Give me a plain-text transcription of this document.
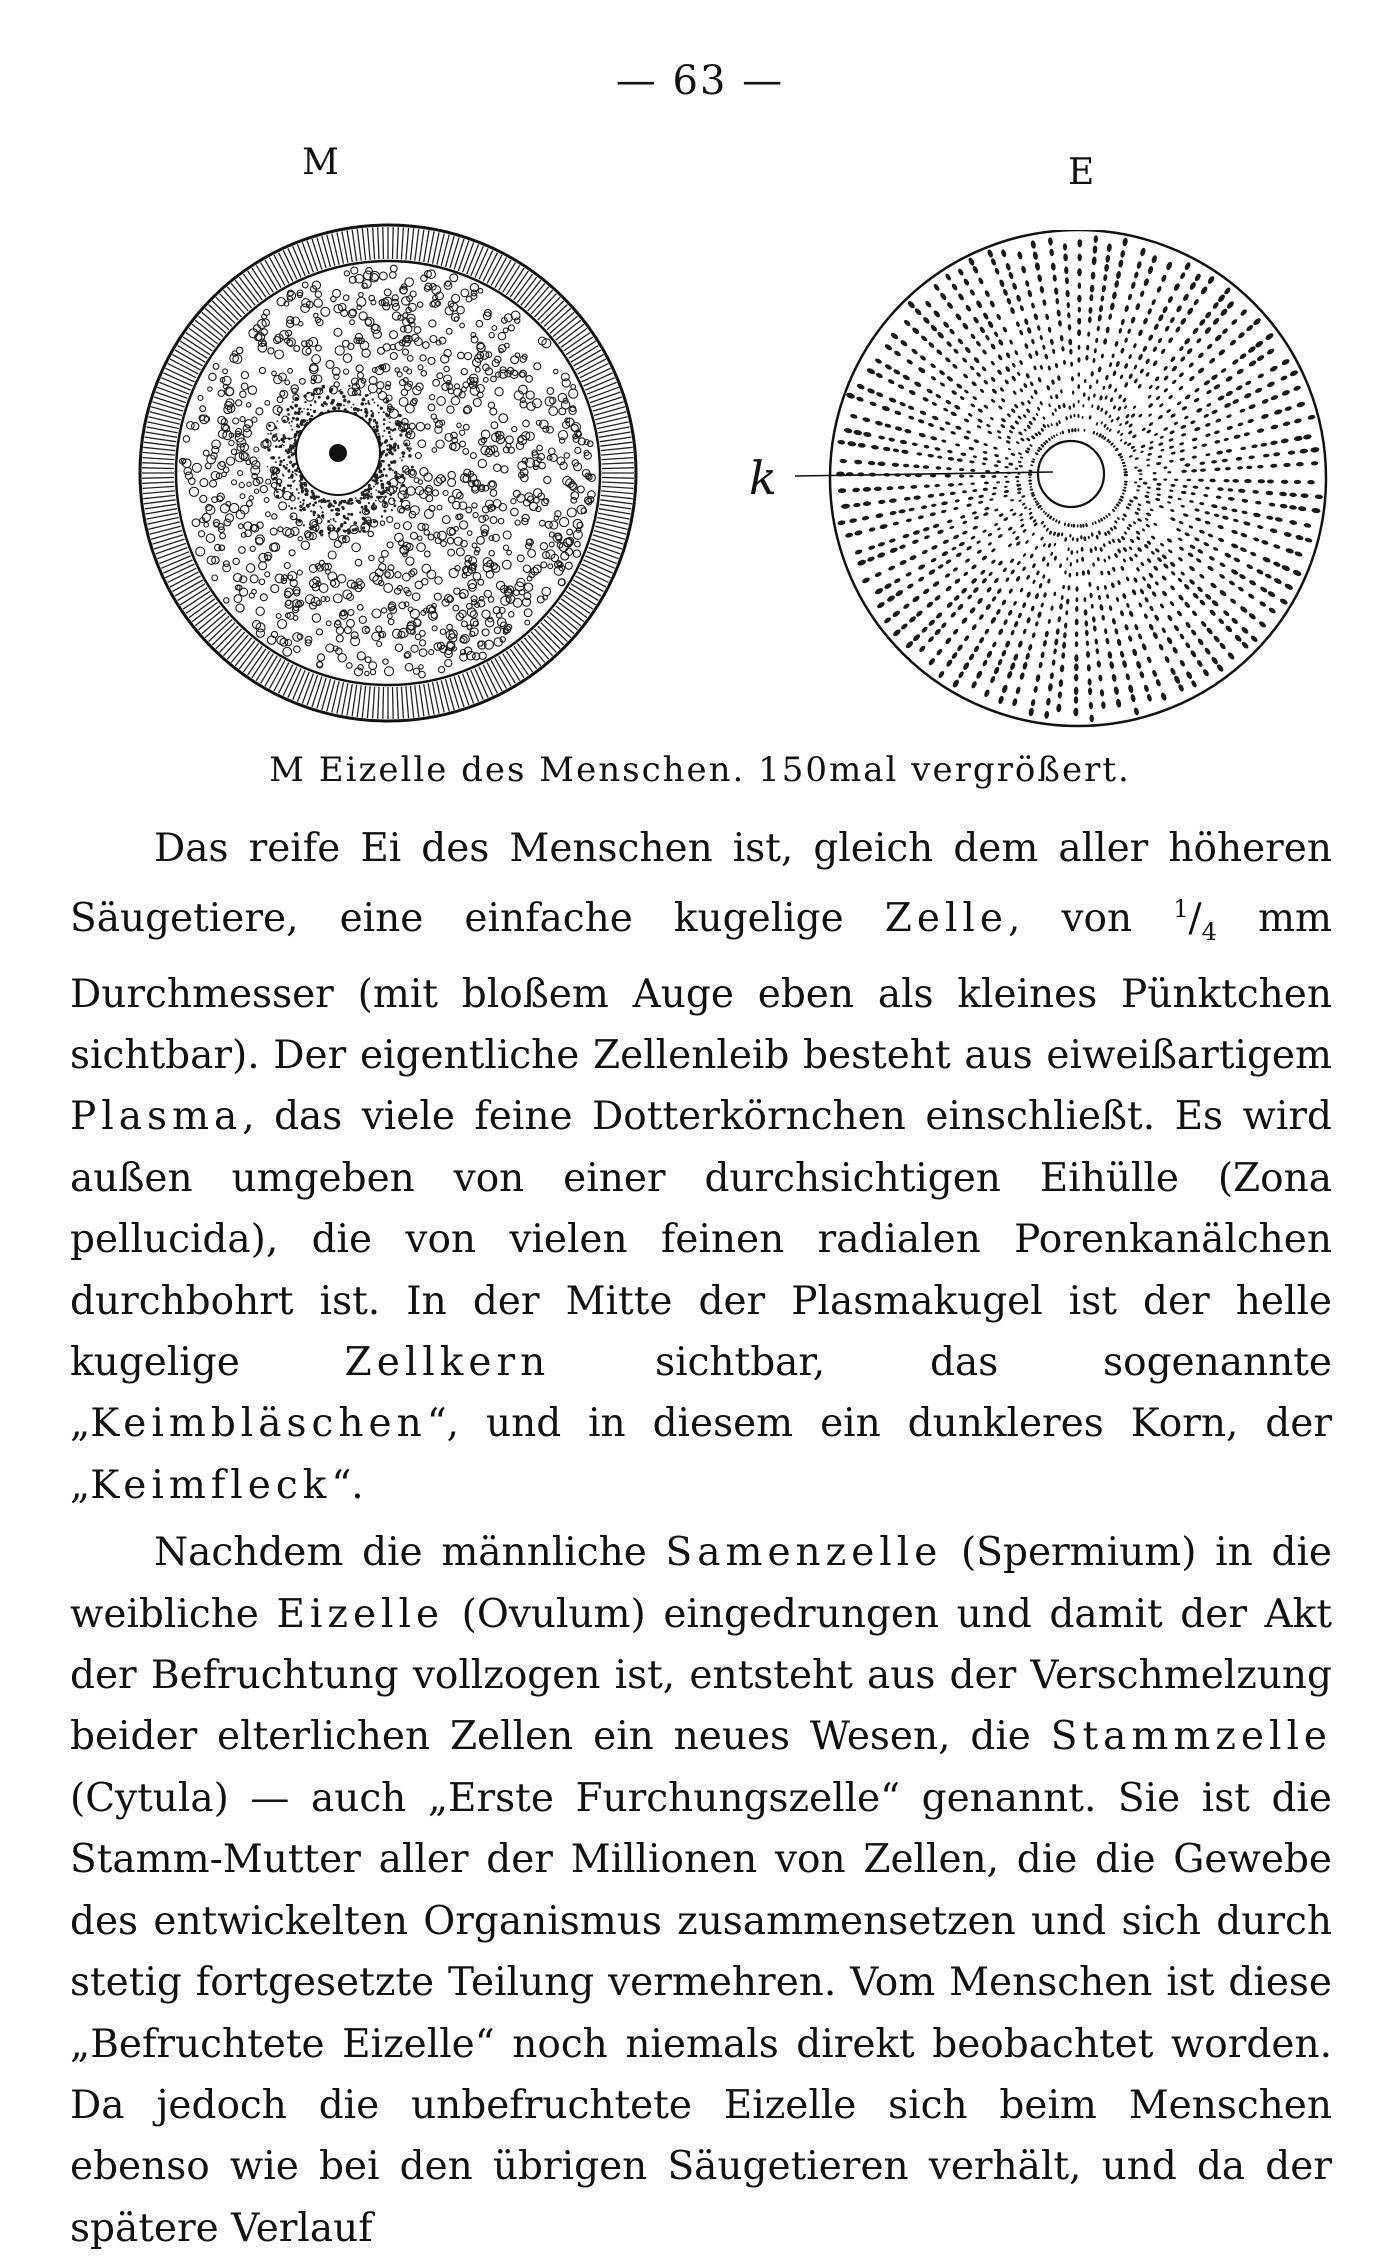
— 63 —
M	E
k
M Eizelle des Menschen. 150mal vergrößert.

Das reife Ei des Menschen ist, gleich dem aller höheren Säugetiere, eine einfache kugelige Zelle, von $^1/_4$ mm Durchmesser (mit bloßem Auge eben als kleines Pünktchen sichtbar). Der eigentliche Zellenleib besteht aus eiweißartigem Plasma, das viele feine Dotterkörnchen einschließt. Es wird außen umgeben von einer durchsichtigen Eihülle (Zona pellucida), die von vielen feinen radialen Porenkanälchen durchbohrt ist. In der Mitte der Plasmakugel ist der helle kugelige Zellkern sichtbar, das sogenannte „Keimbläschen“, und in diesem ein dunkleres Korn, der „Keimfleck“.

Nachdem die männliche Samenzelle (Spermium) in die weibliche Eizelle (Ovulum) eingedrungen und damit der Akt der Befruchtung vollzogen ist, entsteht aus der Verschmelzung beider elterlichen Zellen ein neues Wesen, die Stammzelle (Cytula) — auch „Erste Furchungszelle“ genannt. Sie ist die Stamm-Mutter aller der Millionen von Zellen, die die Gewebe des entwickelten Organismus zusammensetzen und sich durch stetig fortgesetzte Teilung vermehren. Vom Menschen ist diese „Befruchtete Eizelle“ noch niemals direkt beobachtet worden. Da jedoch die unbefruchtete Eizelle sich beim Menschen ebenso wie bei den übrigen Säugetieren verhält, und da der spätere Verlauf
